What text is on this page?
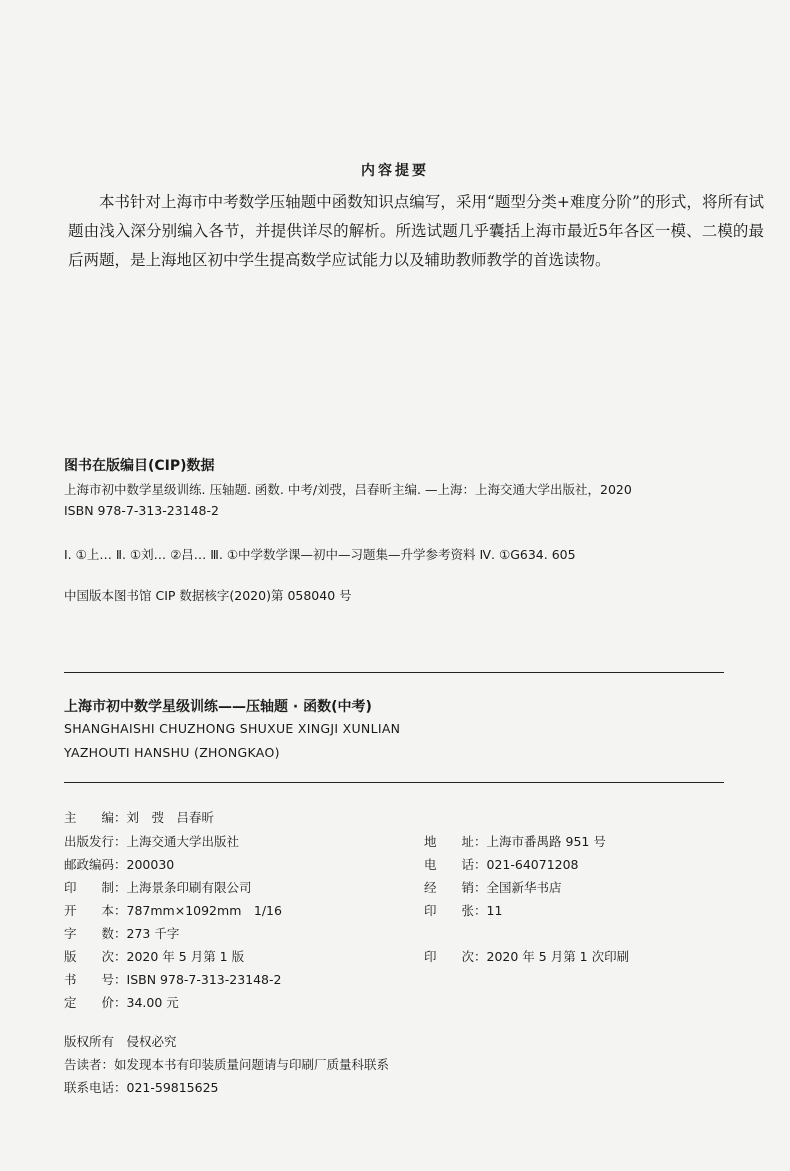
内容提要
本书针对上海市中考数学压轴题中函数知识点编写，采用“题型分类+难度分阶”的形式，将所有试题由浅入深分别编入各节，并提供详尽的解析。所选试题几乎囊括上海市最近5年各区一模、二模的最后两题，是上海地区初中学生提高数学应试能力以及辅助教师教学的首选读物。
图书在版编目(CIP)数据
上海市初中数学星级训练. 压轴题. 函数. 中考/刘弢，吕春昕主编. —上海：上海交通大学出版社，2020
ISBN 978-7-313-23148-2
Ⅰ. ①上… Ⅱ. ①刘… ②吕… Ⅲ. ①中学数学课—初中—习题集—升学参考资料 Ⅳ. ①G634. 605
中国版本图书馆 CIP 数据核字(2020)第 058040 号
上海市初中数学星级训练——压轴题 · 函数(中考)
SHANGHAISHI CHUZHONG SHUXUE XINGJI XUNLIAN
YAZHOUTI HANSHU (ZHONGKAO)
主　　编：刘　弢　吕春昕
出版发行：上海交通大学出版社
邮政编码：200030
印　　制：上海景条印刷有限公司
开　　本：787mm×1092mm　1/16
字　　数：273 千字
版　　次：2020 年 5 月第 1 版
书　　号：ISBN 978-7-313-23148-2
定　　价：34.00 元
地　　址：上海市番禺路 951 号
电　　话：021-64071208
经　　销：全国新华书店
印　　张：11
印　　次：2020 年 5 月第 1 次印刷
版权所有　侵权必究
告读者：如发现本书有印装质量问题请与印刷厂质量科联系
联系电话：021-59815625
